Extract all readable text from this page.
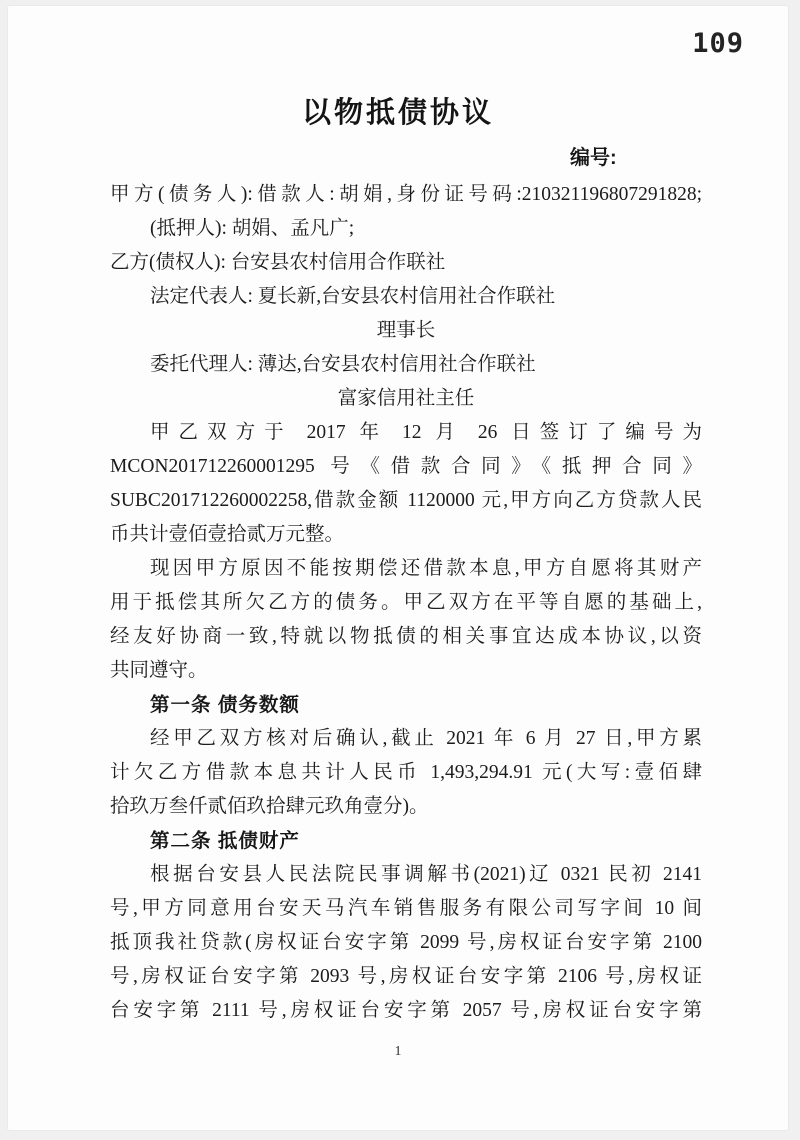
109
以物抵债协议
编号:
甲方(债务人):借款人:胡娟,身份证号码:210321196807291828;
(抵押人): 胡娟、孟凡广;
乙方(债权人): 台安县农村信用合作联社
法定代表人: 夏长新,台安县农村信用社合作联社
理事长
委托代理人: 薄达,台安县农村信用社合作联社
富家信用社主任
甲乙双方于 2017 年 12 月 26 日签订了编号为
MCON201712260001295 号《借款合同》《抵押合同》
SUBC201712260002258,借款金额 1120000 元,甲方向乙方贷款人民
币共计壹佰壹拾贰万元整。
现因甲方原因不能按期偿还借款本息,甲方自愿将其财产
用于抵偿其所欠乙方的债务。甲乙双方在平等自愿的基础上,
经友好协商一致,特就以物抵债的相关事宜达成本协议,以资
共同遵守。
第一条 债务数额
经甲乙双方核对后确认,截止 2021 年 6 月 27 日,甲方累
计欠乙方借款本息共计人民币 1,493,294.91 元(大写:壹佰肆
拾玖万叁仟贰佰玖拾肆元玖角壹分)。
第二条 抵债财产
根据台安县人民法院民事调解书(2021)辽 0321 民初 2141
号,甲方同意用台安天马汽车销售服务有限公司写字间 10 间
抵顶我社贷款(房权证台安字第 2099 号,房权证台安字第 2100
号,房权证台安字第 2093 号,房权证台安字第 2106 号,房权证
台安字第 2111 号,房权证台安字第 2057 号,房权证台安字第
1
